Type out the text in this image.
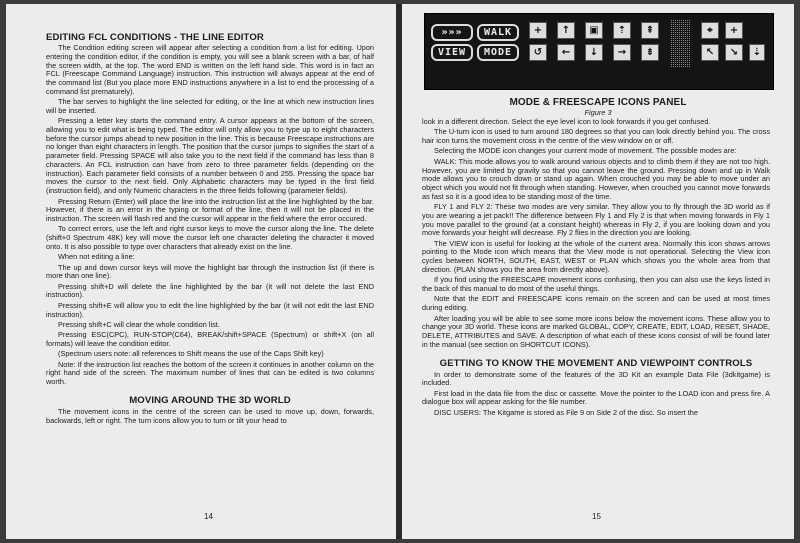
EDITING FCL CONDITIONS - THE LINE EDITOR

The Condition editing screen will appear after selecting a condition from a list for editing. Upon entering the condition editor, if the condition is empty, you will see a blank screen with a bar, of half the screen width, at the top. The word END is written on the left hand side. This word is in fact an FCL (Freescape Command Language) instruction. This instruction will always appear at the end of the command list (But you place more END instructions anywhere in a list to end the processing of a command list prematurely).

The bar serves to highlight the line selected for editing, or the line at which new instruction lines will be inserted.

Pressing a letter key starts the command entry. A cursor appears at the bottom of the screen, allowing you to edit what is being typed. The editor will only allow you to type up to eight characters before the cursor jumps ahead to new position in the line. This is because Freescape instructions are no longer than eight characters in length. The position that the cursor jumps to signifies the start of a parameter field. Pressing SPACE will also take you to the next field if the command has less than 8 characters. An FCL instruction can have from zero to three parameter fields (depending on the instruction). Each parameter field consists of a number between 0 and 255. Pressing the space bar moves the cursor to the next field. Only Alphabetic characters may be typed in the first field (instruction field), and only Numeric characters in the three fields following (parameter fields).

Pressing Return (Enter) will place the line into the instruction list at the line highlighted by the bar. However, if there is an error in the typing or format of the line, then it will not be placed in the instruction. The screen will flash red and the cursor will appear in the field where the error occured.

To correct errors, use the left and right cursor keys to move the cursor along the line. The delete (shift+0 Spectrum 48K) key will move the cursor left one character deleting the character it moved onto. It is also possible to type over characters that already exist on the line.

When not editing a line:

The up and down cursor keys will move the highlight bar through the instruction list (if there is more than one line).

Pressing shift+D will delete the line highlighted by the bar (it will not delete the last END instruction).

Pressing shift+E will allow you to edit the line highlighted by the bar (it will not edit the last END instruction).

Pressing shift+C will clear the whole condition list.

Pressing ESC(CPC), RUN-STOP(C64), BREAK/shift+SPACE (Spectrum) or shift+X (on all formats) will leave the condition editor.

(Spectrum users note: all references to Shift means the use of the Caps Shift key)

Note: If the instruction list reaches the bottom of the screen it continues in another column on the right hand side of the screen. The maximum number of lines that can be edited is two columns worth.

MOVING AROUND THE 3D WORLD

The movement icons in the centre of the screen can be used to move up, down, forwards, backwards, left or right. The turn icons allow you to turn or tilt your head to

14
»»»	WALK
VIEW	MODE
+	↑	▣	⇡	⇞
↺	←	↓	→	⇟
⌖	+
↖	↘	⇣
MODE & FREESCAPE ICONS PANEL
Figure 3

look in a different direction. Select the eye level icon to look forwards if you get confused.

The U-turn icon is used to turn around 180 degrees so that you can look directly behind you. The cross hair icon turns the movement cross in the centre of the view window on or off.

Selecting the MODE icon changes your current mode of movement. The possible modes are:

WALK: This mode allows you to walk around various objects and to climb them if they are not too high. However, you are limited by gravity so that you cannot leave the ground. Pressing down and up in Walk mode allows you to crouch down or stand up again. When crouched you may be able to move under an object which you would not fit through when standing. However, when crouched you cannot move forwards as fast so it is a good idea to be standing most of the time.

FLY 1 and FLY 2: These two modes are very similar. They allow you to fly through the 3D world as if you are wearing a jet pack!! The difference between Fly 1 and Fly 2 is that when moving forwards in Fly 1 you move parallel to the ground (at a constant height) whereas in Fly 2, if you are looking down and you move forwards your height will decrease. Fly 2 flies in the direction you are looking.

The VIEW icon is useful for looking at the whole of the current area. Normally this icon shows arrows pointing to the Mode icon which means that the View mode is not operational. Selecting the View icon cycles between NORTH, SOUTH, EAST, WEST or PLAN which shows you the whole area from that direction. (PLAN shows you the area from directly above).

If you find using the FREESCAPE movement icons confusing, then you can also use the keys listed in the back of this manual to do most of the useful things.

Note that the EDIT and FREESCAPE icons remain on the screen and can be used at most times during editing.

After loading you will be able to see some more icons below the movement icons. These allow you to change your 3D world. These icons are marked GLOBAL, COPY, CREATE, EDIT, LOAD, RESET, SHADE, DELETE, ATTRIBUTES and SAVE. A description of what each of these icons consist of will be found later in the manual (see section on SHORTCUT ICONS).

GETTING TO KNOW THE MOVEMENT AND VIEWPOINT CONTROLS

In order to demonstrate some of the features of the 3D Kit an example Data File (3dkitgame) is included.

First load in the data file from the disc or cassette. Move the pointer to the LOAD icon and press fire. A dialogue box will appear asking for the file number.

DISC USERS: The Kitgame is stored as File 9 on Side 2 of the disc. So insert the

15
